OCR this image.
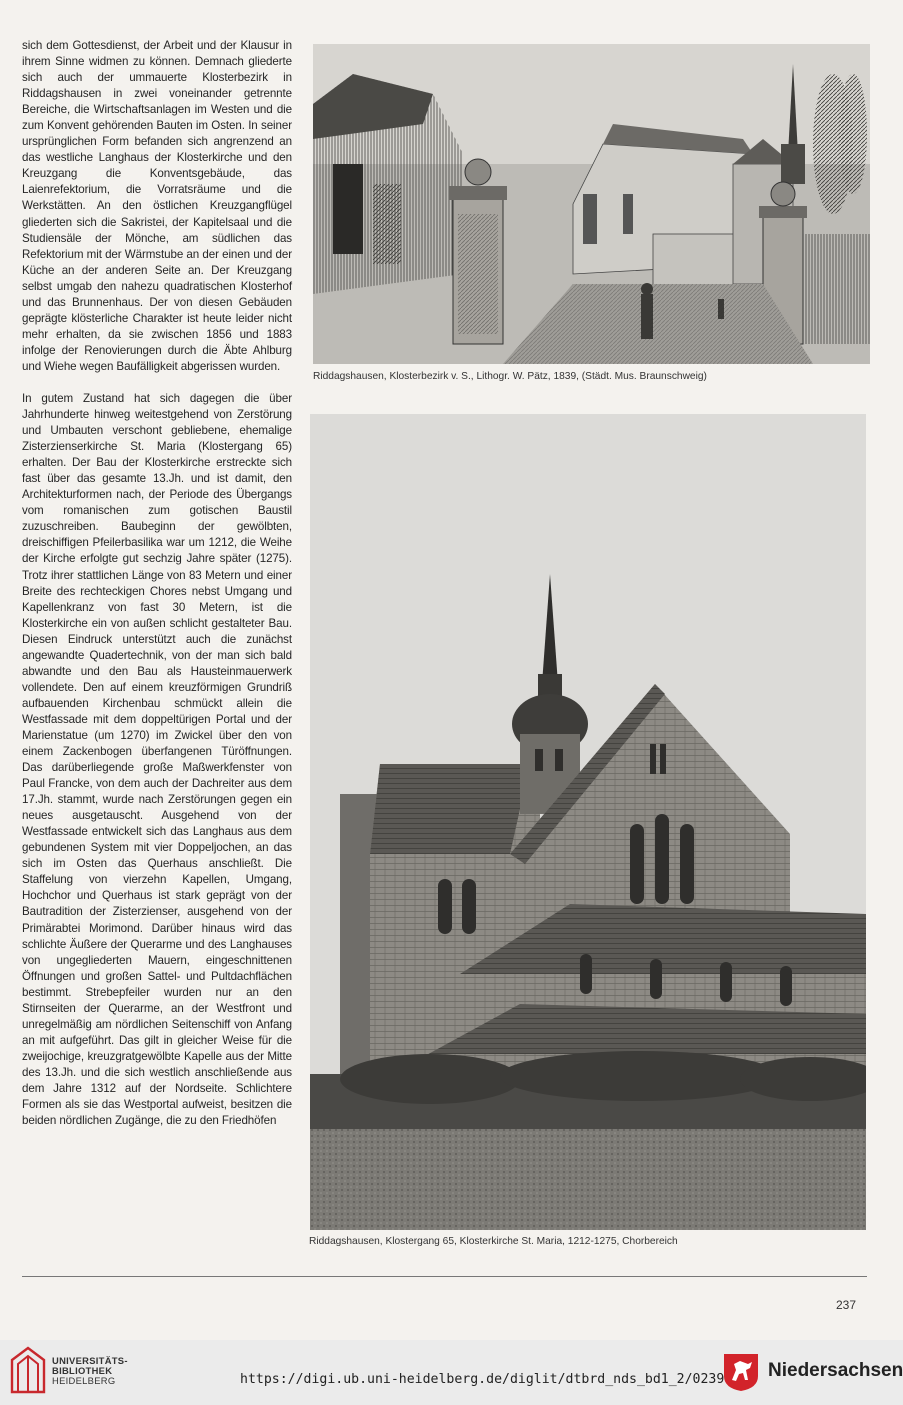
sich dem Gottesdienst, der Arbeit und der Klausur in ihrem Sinne widmen zu können. Demnach gliederte sich auch der ummauerte Klosterbezirk in Riddagshausen in zwei voneinander getrennte Bereiche, die Wirtschaftsanlagen im Westen und die zum Konvent gehörenden Bauten im Osten. In seiner ursprünglichen Form befanden sich angrenzend an das westliche Langhaus der Klosterkirche und den Kreuzgang die Konventsgebäude, das Laienrefektorium, die Vorratsräume und die Werkstätten. An den östlichen Kreuzgangflügel gliederten sich die Sakristei, der Kapitelsaal und die Studiensäle der Mönche, am südlichen das Refektorium mit der Wärmstube an der einen und der Küche an der anderen Seite an. Der Kreuzgang selbst umgab den nahezu quadratischen Klosterhof und das Brunnenhaus. Der von diesen Gebäuden geprägte klösterliche Charakter ist heute leider nicht mehr erhalten, da sie zwischen 1856 und 1883 infolge der Renovierungen durch die Äbte Ahlburg und Wiehe wegen Baufälligkeit abgerissen wurden.

In gutem Zustand hat sich dagegen die über Jahrhunderte hinweg weitestgehend von Zerstörung und Umbauten verschont gebliebene, ehemalige Zisterzienserkirche St. Maria (Klostergang 65) erhalten. Der Bau der Klosterkirche erstreckte sich fast über das gesamte 13.Jh. und ist damit, den Architekturformen nach, der Periode des Übergangs vom romanischen zum gotischen Baustil zuzuschreiben. Baubeginn der gewölbten, dreischiffigen Pfeilerbasilika war um 1212, die Weihe der Kirche erfolgte gut sechzig Jahre später (1275). Trotz ihrer stattlichen Länge von 83 Metern und einer Breite des rechteckigen Chores nebst Umgang und Kapellenkranz von fast 30 Metern, ist die Klosterkirche ein von außen schlicht gestalteter Bau. Diesen Eindruck unterstützt auch die zunächst angewandte Quadertechnik, von der man sich bald abwandte und den Bau als Hausteinmauerwerk vollendete. Den auf einem kreuzförmigen Grundriß aufbauenden Kirchenbau schmückt allein die Westfassade mit dem doppeltürigen Portal und der Marienstatue (um 1270) im Zwickel über den von einem Zackenbogen überfangenen Türöffnungen. Das darüberliegende große Maßwerkfenster von Paul Francke, von dem auch der Dachreiter aus dem 17.Jh. stammt, wurde nach Zerstörungen gegen ein neues ausgetauscht. Ausgehend von der Westfassade entwickelt sich das Langhaus aus dem gebundenen System mit vier Doppeljochen, an das sich im Osten das Querhaus anschließt. Die Staffelung von vierzehn Kapellen, Umgang, Hochchor und Querhaus ist stark geprägt von der Bautradition der Zisterzienser, ausgehend von der Primärabtei Morimond. Darüber hinaus wird das schlichte Äußere der Querarme und des Langhauses von ungegliederten Mauern, eingeschnittenen Öffnungen und großen Sattel- und Pultdachflächen bestimmt. Strebepfeiler wurden nur an den Stirnseiten der Querarme, an der Westfront und unregelmäßig am nördlichen Seitenschiff von Anfang an mit aufgeführt. Das gilt in gleicher Weise für die zweijochige, kreuzgratgewölbte Kapelle aus der Mitte des 13.Jh. und die sich westlich anschließende aus dem Jahre 1312 auf der Nordseite. Schlichtere Formen als sie das Westportal aufweist, besitzen die beiden nördlichen Zugänge, die zu den Friedhöfen

Riddagshausen, Klosterbezirk v. S., Lithogr. W. Pätz, 1839, (Städt. Mus. Braunschweig)
Riddagshausen, Klostergang 65, Klosterkirche St. Maria, 1212-1275, Chorbereich
237
UNIVERSITÄTS-
BIBLIOTHEK
HEIDELBERG	https://digi.ub.uni-heidelberg.de/diglit/dtbrd_nds_bd1_2/0239 Niedersachsen
